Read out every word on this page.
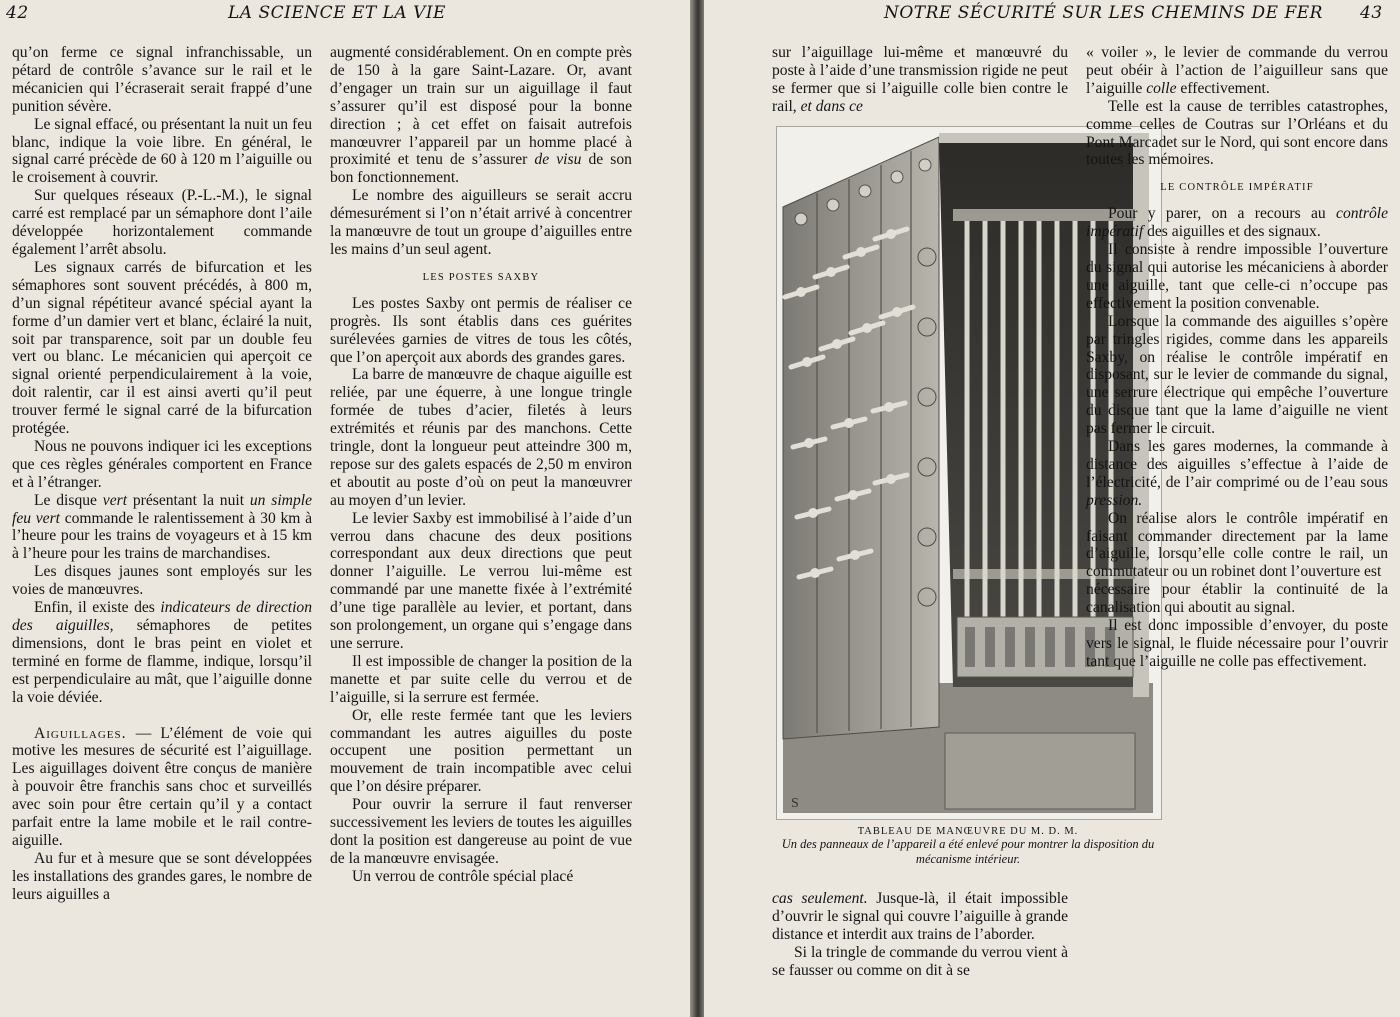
42	LA SCIENCE ET LA VIE

qu’on ferme ce signal infranchissable, un pétard de contrôle s’avance sur le rail et le mécanicien qui l’écraserait serait frappé d’une punition sévère.

Le signal effacé, ou présentant la nuit un feu blanc, indique la voie libre. En général, le signal carré précède de 60 à 120 m l’aiguille ou le croisement à couvrir.

Sur quelques réseaux (P.-L.-M.), le signal carré est remplacé par un sémaphore dont l’aile développée horizontalement commande également l’arrêt absolu.

Les signaux carrés de bifurcation et les sémaphores sont souvent précédés, à 800 m, d’un signal répétiteur avancé spécial ayant la forme d’un damier vert et blanc, éclairé la nuit, soit par transparence, soit par un double feu vert ou blanc. Le mécanicien qui aperçoit ce signal orienté perpendiculairement à la voie, doit ralentir, car il est ainsi averti qu’il peut trouver fermé le signal carré de la bifurcation protégée.

Nous ne pouvons indiquer ici les exceptions que ces règles générales comportent en France et à l’étranger.

Le disque vert présentant la nuit un simple feu vert commande le ralentissement à 30 km à l’heure pour les trains de voyageurs et à 15 km à l’heure pour les trains de marchandises.

Les disques jaunes sont employés sur les voies de manœuvres.

Enfin, il existe des indicateurs de direction des aiguilles, sémaphores de petites dimensions, dont le bras peint en violet et terminé en forme de flamme, indique, lorsqu’il est perpendiculaire au mât, que l’aiguille donne la voie déviée.

Aiguillages. — L’élément de voie qui motive les mesures de sécurité est l’aiguillage. Les aiguillages doivent être conçus de manière à pouvoir être franchis sans choc et surveillés avec soin pour être certain qu’il y a contact parfait entre la lame mobile et le rail contre-aiguille.

Au fur et à mesure que se sont développées les installations des grandes gares, le nombre de leurs aiguilles a

augmenté considérablement. On en compte près de 150 à la gare Saint-Lazare. Or, avant d’engager un train sur un aiguillage il faut s’assurer qu’il est disposé pour la bonne direction ; à cet effet on faisait autrefois manœuvrer l’appareil par un homme placé à proximité et tenu de s’assurer de visu de son bon fonctionnement.

Le nombre des aiguilleurs se serait accru démesurément si l’on n’était arrivé à concentrer la manœuvre de tout un groupe d’aiguilles entre les mains d’un seul agent.

LES POSTES SAXBY

Les postes Saxby ont permis de réaliser ce progrès. Ils sont établis dans ces guérites surélevées garnies de vitres de tous les côtés, que l’on aperçoit aux abords des grandes gares.

La barre de manœuvre de chaque aiguille est reliée, par une équerre, à une longue tringle formée de tubes d’acier, filetés à leurs extrémités et réunis par des manchons. Cette tringle, dont la longueur peut atteindre 300 m, repose sur des galets espacés de 2,50 m environ et aboutit au poste d’où on peut la manœuvrer au moyen d’un levier.

Le levier Saxby est immobilisé à l’aide d’un verrou dans chacune des deux positions correspondant aux deux directions que peut donner l’aiguille. Le verrou lui-même est commandé par une manette fixée à l’extrémité d’une tige parallèle au levier, et portant, dans son prolongement, un organe qui s’engage dans une serrure.

Il est impossible de changer la position de la manette et par suite celle du verrou et de l’aiguille, si la serrure est fermée.

Or, elle reste fermée tant que les leviers commandant les autres aiguilles du poste occupent une position permettant un mouvement de train incompatible avec celui que l’on désire préparer.

Pour ouvrir la serrure il faut renverser successivement les leviers de toutes les aiguilles dont la position est dangereuse au point de vue de la manœuvre envisagée.

Un verrou de contrôle spécial placé

NOTRE SÉCURITÉ SUR LES CHEMINS DE FER 43

sur l’aiguillage lui-même et manœuvré du poste à l’aide d’une transmission rigide ne peut se fermer que si l’aiguille colle bien contre le rail, et dans ce

S
TABLEAU DE MANŒUVRE DU M. D. M.
Un des panneaux de l’appareil a été enlevé pour montrer la disposition du mécanisme intérieur.

cas seulement. Jusque-là, il était impossible d’ouvrir le signal qui couvre l’aiguille à grande distance et interdit aux trains de l’aborder.

Si la tringle de commande du verrou vient à se fausser ou comme on dit à se

« voiler », le levier de commande du verrou peut obéir à l’action de l’aiguilleur sans que l’aiguille colle effectivement.

Telle est la cause de terribles catastrophes, comme celles de Coutras sur l’Orléans et du Pont Marcadet sur le Nord, qui sont encore dans toutes les mémoires.

LE CONTRÔLE IMPÉRATIF

Pour y parer, on a recours au contrôle impératif des aiguilles et des signaux.

Il consiste à rendre impossible l’ouverture du signal qui autorise les mécaniciens à aborder une aiguille, tant que celle-ci n’occupe pas effectivement la position convenable.

Lorsque la commande des aiguilles s’opère par tringles rigides, comme dans les appareils Saxby, on réalise le contrôle impératif en disposant, sur le levier de commande du signal, une serrure électrique qui empêche l’ouverture du disque tant que la lame d’aiguille ne vient pas fermer le circuit.

Dans les gares modernes, la commande à distance des aiguilles s’effectue à l’aide de l’électricité, de l’air comprimé ou de l’eau sous pression.

On réalise alors le contrôle impératif en faisant commander directement par la lame d’aiguille, lorsqu’elle colle contre le rail, un commutateur ou un robinet dont l’ouverture est

nécessaire pour établir la continuité de la canalisation qui aboutit au signal.

Il est donc impossible d’envoyer, du poste vers le signal, le fluide nécessaire pour l’ouvrir tant que l’aiguille ne colle pas effectivement.
